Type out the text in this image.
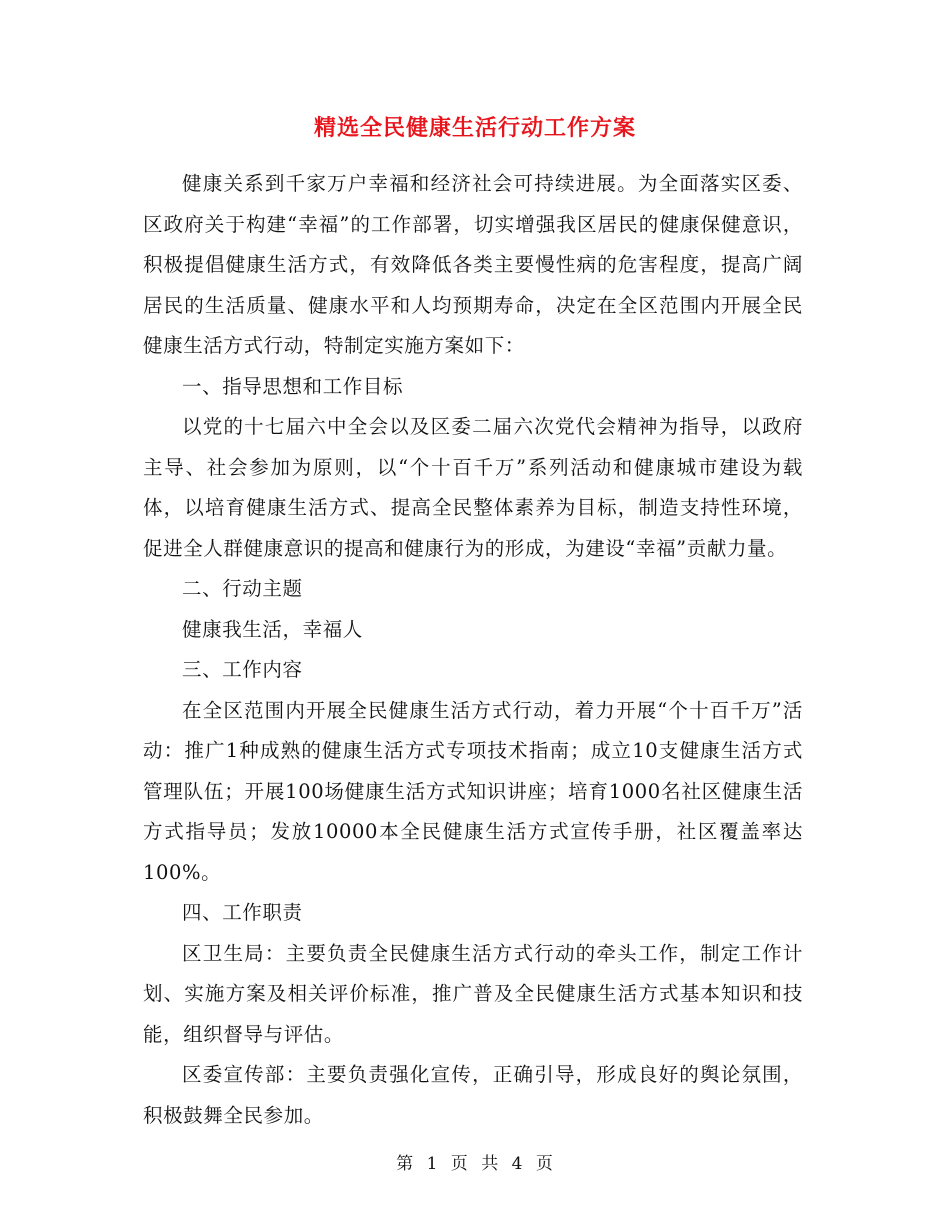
精选全民健康生活行动工作方案

健康关系到千家万户幸福和经济社会可持续进展。为全面落实区委、区政府关于构建“幸福”的工作部署，切实增强我区居民的健康保健意识，积极提倡健康生活方式，有效降低各类主要慢性病的危害程度，提高广阔居民的生活质量、健康水平和人均预期寿命，决定在全区范围内开展全民健康生活方式行动，特制定实施方案如下：

一、指导思想和工作目标

以党的十七届六中全会以及区委二届六次党代会精神为指导，以政府主导、社会参加为原则，以“个十百千万”系列活动和健康城市建设为载体，以培育健康生活方式、提高全民整体素养为目标，制造支持性环境，促进全人群健康意识的提高和健康行为的形成，为建设“幸福”贡献力量。

二、行动主题

健康我生活，幸福人

三、工作内容

在全区范围内开展全民健康生活方式行动，着力开展“个十百千万”活动：推广1种成熟的健康生活方式专项技术指南；成立10支健康生活方式管理队伍；开展100场健康生活方式知识讲座；培育1000名社区健康生活方式指导员；发放10000本全民健康生活方式宣传手册，社区覆盖率达100%。

四、工作职责

区卫生局：主要负责全民健康生活方式行动的牵头工作，制定工作计划、实施方案及相关评价标准，推广普及全民健康生活方式基本知识和技能，组织督导与评估。

区委宣传部：主要负责强化宣传，正确引导，形成良好的舆论氛围，积极鼓舞全民参加。

第 1 页 共 4 页
